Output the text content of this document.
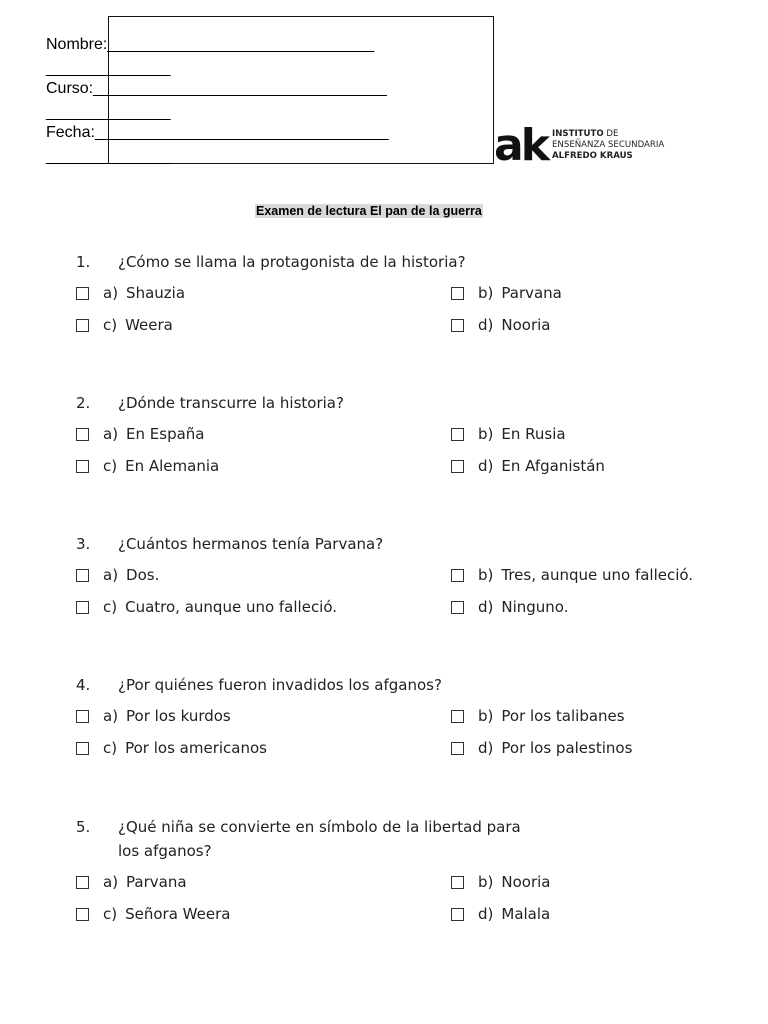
Nombre:______________________________
______________
Curso:_________________________________
______________
Fecha:_________________________________
______________	ak INSTITUTO DE
ENSEÑANZA SECUNDARIA
ALFREDO KRAUS
Examen de lectura El pan de la guerra
1. ¿Cómo se llama la protagonista de la historia?
a) Shauzia	b) Parvana
c) Weera	d) Nooria
2. ¿Dónde transcurre la historia?
a) En España	b) En Rusia
c) En Alemania	d) En Afganistán
3. ¿Cuántos hermanos tenía Parvana?
a) Dos.	b) Tres, aunque uno falleció.
c) Cuatro, aunque uno falleció.	d) Ninguno.
4. ¿Por quiénes fueron invadidos los afganos?
a) Por los kurdos	b) Por los talibanes
c) Por los americanos	d) Por los palestinos
5. ¿Qué niña se convierte en símbolo de la libertad para los afganos?
a) Parvana	b) Nooria
c) Señora Weera	d) Malala
